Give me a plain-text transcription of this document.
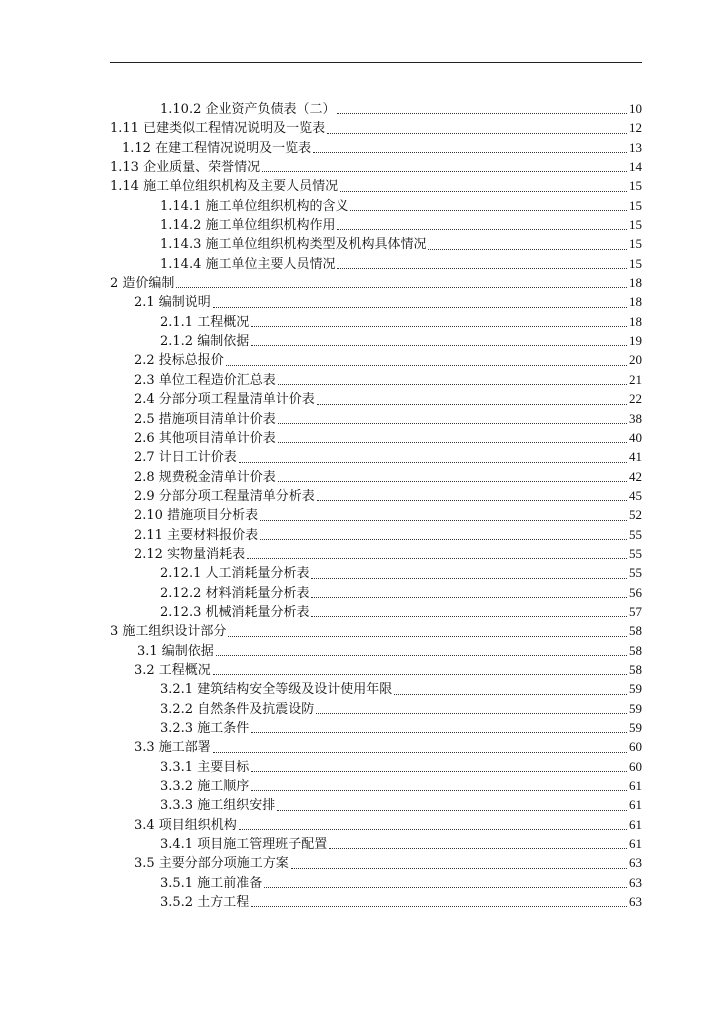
1.10.2 企业资产负债表（二）	10
1.11 已建类似工程情况说明及一览表	12
1.12 在建工程情况说明及一览表	13
1.13 企业质量、荣誉情况	14
1.14 施工单位组织机构及主要人员情况	15
1.14.1 施工单位组织机构的含义	15
1.14.2 施工单位组织机构作用	15
1.14.3 施工单位组织机构类型及机构具体情况	15
1.14.4 施工单位主要人员情况	15
2 造价编制	18
2.1 编制说明	18
2.1.1 工程概况	18
2.1.2 编制依据	19
2.2 投标总报价	20
2.3 单位工程造价汇总表	21
2.4 分部分项工程量清单计价表	22
2.5 措施项目清单计价表	38
2.6 其他项目清单计价表	40
2.7 计日工计价表	41
2.8 规费税金清单计价表	42
2.9 分部分项工程量清单分析表	45
2.10 措施项目分析表	52
2.11 主要材料报价表	55
2.12 实物量消耗表	55
2.12.1 人工消耗量分析表	55
2.12.2 材料消耗量分析表	56
2.12.3 机械消耗量分析表	57
3 施工组织设计部分	58
3.1 编制依据	58
3.2 工程概况	58
3.2.1 建筑结构安全等级及设计使用年限	59
3.2.2 自然条件及抗震设防	59
3.2.3 施工条件	59
3.3 施工部署	60
3.3.1 主要目标	60
3.3.2 施工顺序	61
3.3.3 施工组织安排	61
3.4 项目组织机构	61
3.4.1 项目施工管理班子配置	61
3.5 主要分部分项施工方案	63
3.5.1 施工前准备	63
3.5.2 土方工程	63
